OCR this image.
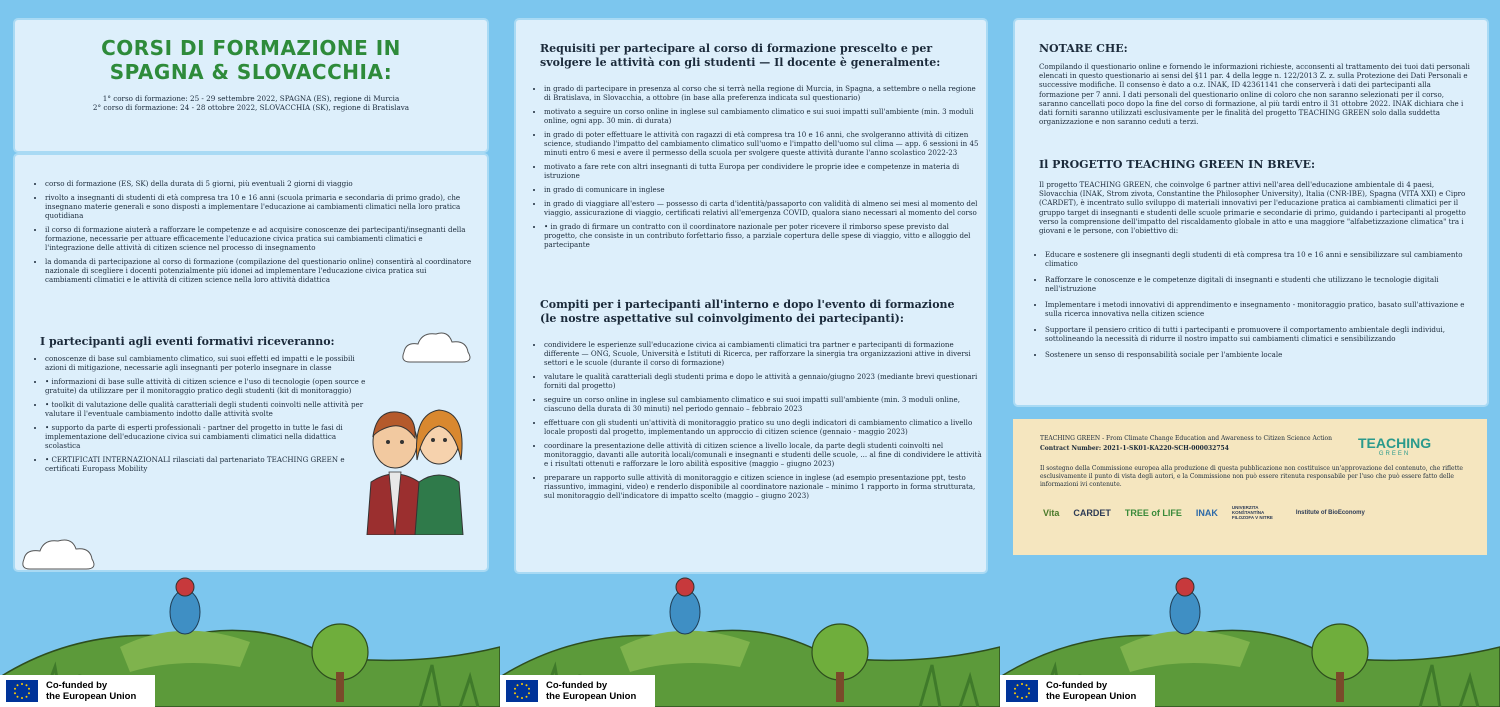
CORSI DI FORMAZIONE IN

SPAGNA & SLOVACCHIA:

1° corso di formazione: 25 - 29 settembre 2022, SPAGNA (ES), regione di Murcia

2° corso di formazione: 24 - 28 ottobre 2022, SLOVACCHIA (SK), regione di Bratislava

• corso di formazione (ES, SK) della durata di 5 giorni, più eventuali 2 giorni di viaggio
• rivolto a insegnanti di studenti di età compresa tra 10 e 16 anni (scuola primaria e secondaria di primo grado), che insegnano materie generali e sono disposti a implementare l'educazione ai cambiamenti climatici nella loro pratica quotidiana
• il corso di formazione aiuterà a rafforzare le competenze e ad acquisire conoscenze dei partecipanti/insegnanti della formazione, necessarie per attuare efficacemente l'educazione civica pratica sui cambiamenti climatici e l'integrazione delle attività di citizen science nel processo di insegnamento
• la domanda di partecipazione al corso di formazione (compilazione del questionario online) consentirà al coordinatore nazionale di scegliere i docenti potenzialmente più idonei ad implementare l'educazione civica pratica sui cambiamenti climatici e le attività di citizen science nella loro attività didattica

I partecipanti agli eventi formativi riceveranno:

• conoscenze di base sul cambiamento climatico, sui suoi effetti ed impatti e le possibili azioni di mitigazione, necessarie agli insegnanti per poterlo insegnare in classe
• • informazioni di base sulle attività di citizen science e l'uso di tecnologie (open source e gratuite) da utilizzare per il monitoraggio pratico degli studenti (kit di monitoraggio)
• • toolkit di valutazione delle qualità caratteriali degli studenti coinvolti nelle attività per valutare il l'eventuale cambiamento indotto dalle attività svolte
• • supporto da parte di esperti professionali - partner del progetto in tutte le fasi di implementazione dell'educazione civica sui cambiamenti climatici nella didattica scolastica
• • CERTIFICATI INTERNAZIONALI rilasciati dal partenariato TEACHING GREEN e certificati Europass Mobility
Co-funded by
the European Union

Requisiti per partecipare al corso di formazione prescelto e per
svolgere le attività con gli studenti — Il docente è generalmente:

• in grado di partecipare in presenza al corso che si terrà nella regione di Murcia, in Spagna, a settembre o nella regione di Bratislava, in Slovacchia, a ottobre (in base alla preferenza indicata sul questionario)
• motivato a seguire un corso online in inglese sul cambiamento climatico e sui suoi impatti sull'ambiente (min. 3 moduli online, ogni app. 30 min. di durata)
• in grado di poter effettuare le attività con ragazzi di età compresa tra 10 e 16 anni, che svolgeranno attività di citizen science, studiando l'impatto del cambiamento climatico sull'uomo e l'impatto dell'uomo sul clima — app. 6 sessioni in 45 minuti entro 6 mesi e avere il permesso della scuola per svolgere queste attività durante l'anno scolastico 2022-23
• motivato a fare rete con altri insegnanti di tutta Europa per condividere le proprie idee e competenze in materia di istruzione
• in grado di comunicare in inglese
• in grado di viaggiare all'estero — possesso di carta d'identità/passaporto con validità di almeno sei mesi al momento del viaggio, assicurazione di viaggio, certificati relativi all'emergenza COVID, qualora siano necessari al momento del corso
• • in grado di firmare un contratto con il coordinatore nazionale per poter ricevere il rimborso spese previsto dal progetto, che consiste in un contributo forfettario fisso, a parziale copertura delle spese di viaggio, vitto e alloggio del partecipante

Compiti per i partecipanti all'interno e dopo l'evento di formazione
(le nostre aspettative sul coinvolgimento dei partecipanti):

• condividere le esperienze sull'educazione civica ai cambiamenti climatici tra partner e partecipanti di formazione differente — ONG, Scuole, Università e Istituti di Ricerca, per rafforzare la sinergia tra organizzazioni attive in diversi settori e le scuole (durante il corso di formazione)
• valutare le qualità caratteriali degli studenti prima e dopo le attività a gennaio/giugno 2023 (mediante brevi questionari forniti dal progetto)
• seguire un corso online in inglese sul cambiamento climatico e sui suoi impatti sull'ambiente (min. 3 moduli online, ciascuno della durata di 30 minuti) nel periodo gennaio – febbraio 2023
• effettuare con gli studenti un'attività di monitoraggio pratico su uno degli indicatori di cambiamento climatico a livello locale proposti dal progetto, implementando un approccio di citizen science (gennaio - maggio 2023)
• coordinare la presentazione delle attività di citizen science a livello locale, da parte degli studenti coinvolti nel monitoraggio, davanti alle autorità locali/comunali e insegnanti e studenti delle scuole, ... al fine di condividere le attività e i risultati ottenuti e rafforzare le loro abilità espositive (maggio – giugno 2023)
• preparare un rapporto sulle attività di monitoraggio e citizen science in inglese (ad esempio presentazione ppt, testo riassuntivo, immagini, video) e renderlo disponibile al coordinatore nazionale – minimo 1 rapporto in forma strutturata, sul monitoraggio dell'indicatore di impatto scelto (maggio – giugno 2023)
Co-funded by
the European Union

NOTARE CHE:

Compilando il questionario online e fornendo le informazioni richieste, acconsenti al trattamento dei tuoi dati personali elencati in questo questionario ai sensi del §11 par. 4 della legge n. 122/2013 Z. z. sulla Protezione dei Dati Personali e successive modifiche. Il consenso è dato a o.z. INAK, ID 42361141 che conserverà i dati dei partecipanti alla formazione per 7 anni. I dati personali del questionario online di coloro che non saranno selezionati per il corso, saranno cancellati poco dopo la fine del corso di formazione, al più tardi entro il 31 ottobre 2022. INAK dichiara che i dati forniti saranno utilizzati esclusivamente per le finalità del progetto TEACHING GREEN solo dalla suddetta organizzazione e non saranno ceduti a terzi.

Il PROGETTO TEACHING GREEN IN BREVE:

Il progetto TEACHING GREEN, che coinvolge 6 partner attivi nell'area dell'educazione ambientale di 4 paesi, Slovacchia (INAK, Strom zivota, Constantine the Philosopher University), Italia (CNR-IBE), Spagna (VITA XXI) e Cipro (CARDET), è incentrato sullo sviluppo di materiali innovativi per l'educazione pratica ai cambiamenti climatici per il gruppo target di insegnanti e studenti delle scuole primarie e secondarie di primo, guidando i partecipanti al progetto verso la comprensione dell'impatto del riscaldamento globale in atto e una maggiore "alfabetizzazione climatica" tra i giovani e le persone, con l'obiettivo di:

• Educare e sostenere gli insegnanti degli studenti di età compresa tra 10 e 16 anni e sensibilizzare sul cambiamento climatico
• Rafforzare le conoscenze e le competenze digitali di insegnanti e studenti che utilizzano le tecnologie digitali nell'istruzione
• Implementare i metodi innovativi di apprendimento e insegnamento - monitoraggio pratico, basato sull'attivazione e sulla ricerca innovativa nella citizen science
• Supportare il pensiero critico di tutti i partecipanti e promuovere il comportamento ambientale degli individui, sottolineando la necessità di ridurre il nostro impatto sui cambiamenti climatici e sensibilizzando
• Sostenere un senso di responsabilità sociale per l'ambiente locale
Co-funded by
the European Union

TEACHING GREEN - From Climate Change Education and Awareness to Citizen Science Action

Contract Number: 2021-1-SK01-KA220-SCH-000032754	TEACHING
GREEN

Il sostegno della Commissione europea alla produzione di questa pubblicazione non costituisce un'approvazione del contenuto, che riflette esclusivamente il punto di vista degli autori, e la Commissione non può essere ritenuta responsabile per l'uso che può essere fatto delle informazioni ivi contenute.

Vita CARDET TREE of LIFE INAK	UNIVERZITA KONŠTANTÍNA FILOZOFA V NITRE
Institute of BioEconomy
